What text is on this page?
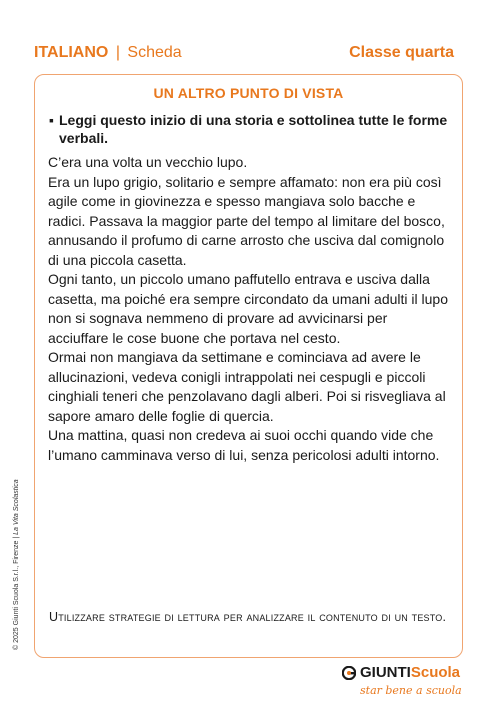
ITALIANO | Scheda	Classe quarta
UN ALTRO PUNTO DI VISTA
▪ Leggi questo inizio di una storia e sottolinea tutte le forme verbali.

C’era una volta un vecchio lupo.

Era un lupo grigio, solitario e sempre affamato: non era più così agile come in giovinezza e spesso mangiava solo bacche e radici. Passava la maggior parte del tempo al limitare del bosco, annusando il profumo di carne arrosto che usciva dal comignolo di una piccola casetta.

Ogni tanto, un piccolo umano paffutello entrava e usciva dalla casetta, ma poiché era sempre circondato da umani adulti il lupo non si sognava nemmeno di provare ad avvicinarsi per acciuffare le cose buone che portava nel cesto.

Ormai non mangiava da settimane e cominciava ad avere le allucinazioni, vedeva conigli intrappolati nei cespugli e piccoli cinghiali teneri che penzolavano dagli alberi. Poi si risvegliava al sapore amaro delle foglie di quercia.

Una mattina, quasi non credeva ai suoi occhi quando vide che l’umano camminava verso di lui, senza pericolosi adulti intorno.

Utilizzare strategie di lettura per analizzare il contenuto di un testo.
© 2025 Giunti Scuola S.r.l., Firenze | La Vita Scolastica
GIUNTIScuola
star bene a scuola
